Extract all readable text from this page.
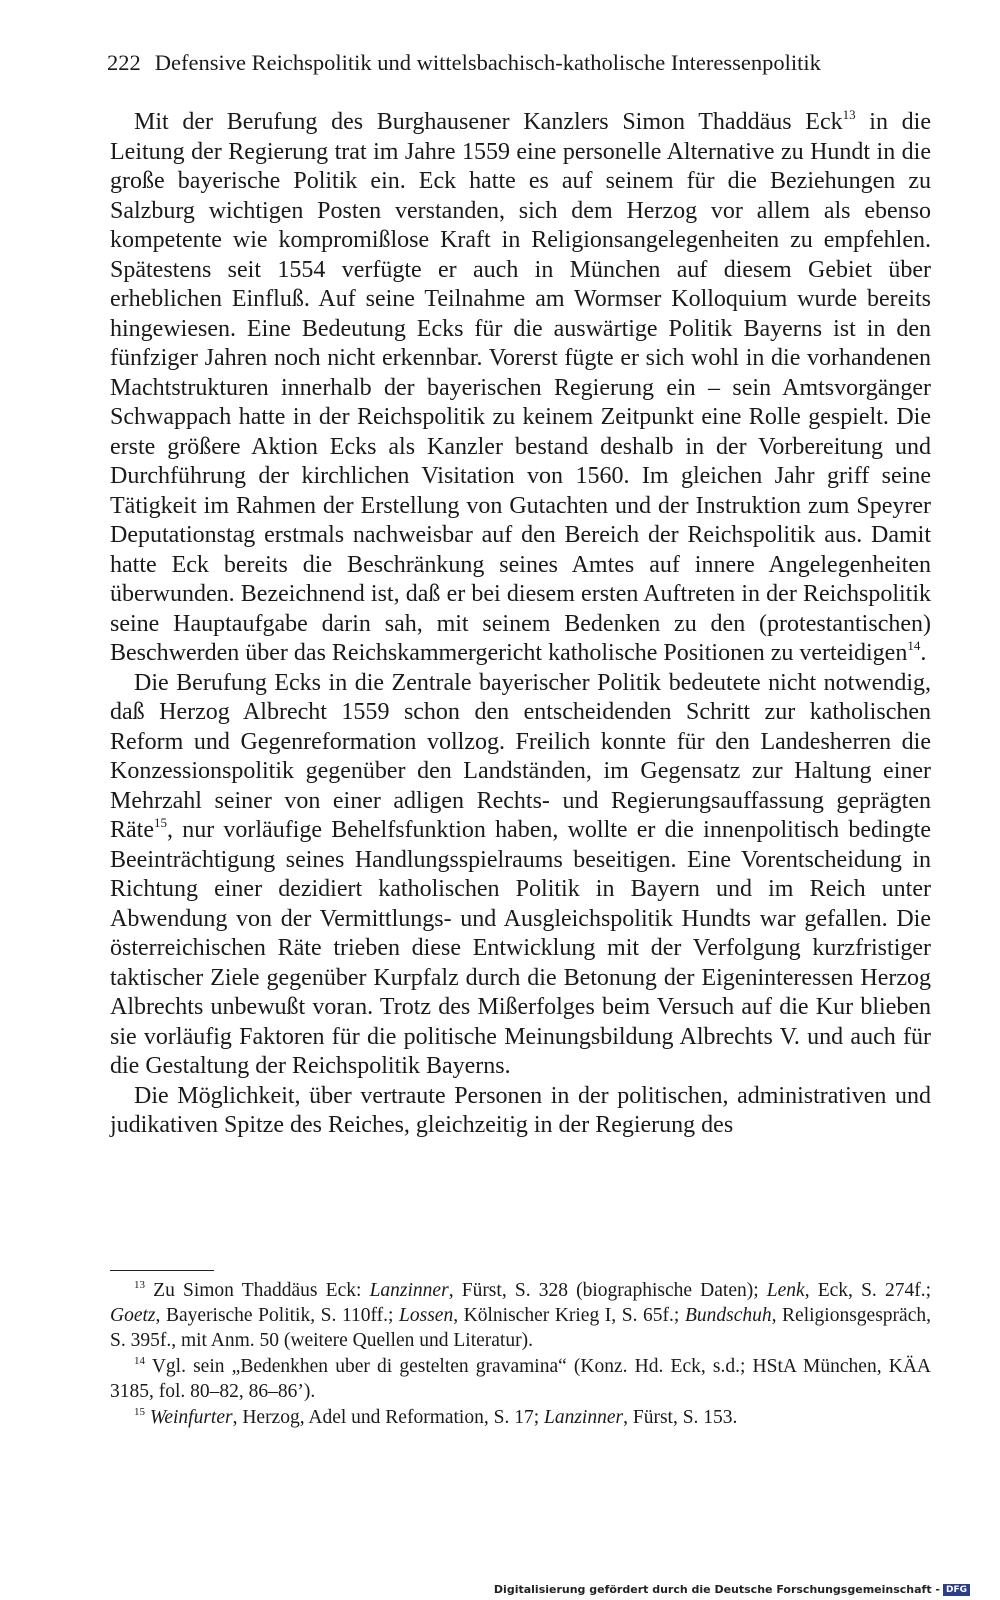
222 Defensive Reichspolitik und wittelsbachisch-katholische Interessenpolitik

Mit der Berufung des Burghausener Kanzlers Simon Thaddäus Eck$^{13}$ in die Leitung der Regierung trat im Jahre 1559 eine personelle Alternative zu Hundt in die große bayerische Politik ein. Eck hatte es auf seinem für die Beziehungen zu Salzburg wichtigen Posten verstanden, sich dem Herzog vor allem als ebenso kompetente wie kompromißlose Kraft in Religionsangelegenheiten zu empfehlen. Spätestens seit 1554 verfügte er auch in München auf diesem Gebiet über erheblichen Einfluß. Auf seine Teilnahme am Wormser Kolloquium wurde bereits hingewiesen. Eine Bedeutung Ecks für die auswärtige Politik Bayerns ist in den fünfziger Jahren noch nicht erkennbar. Vorerst fügte er sich wohl in die vorhandenen Machtstrukturen innerhalb der bayerischen Regierung ein – sein Amtsvorgänger Schwappach hatte in der Reichspolitik zu keinem Zeitpunkt eine Rolle gespielt. Die erste größere Aktion Ecks als Kanzler bestand deshalb in der Vorbereitung und Durchführung der kirchlichen Visitation von 1560. Im gleichen Jahr griff seine Tätigkeit im Rahmen der Erstellung von Gutachten und der Instruktion zum Speyrer Deputationstag erstmals nachweisbar auf den Bereich der Reichspolitik aus. Damit hatte Eck bereits die Beschränkung seines Amtes auf innere Angelegenheiten überwunden. Bezeichnend ist, daß er bei diesem ersten Auftreten in der Reichspolitik seine Hauptaufgabe darin sah, mit seinem Bedenken zu den (protestantischen) Beschwerden über das Reichskammergericht katholische Positionen zu verteidigen$^{14}$.

Die Berufung Ecks in die Zentrale bayerischer Politik bedeutete nicht notwendig, daß Herzog Albrecht 1559 schon den entscheidenden Schritt zur katholischen Reform und Gegenreformation vollzog. Freilich konnte für den Landesherren die Konzessionspolitik gegenüber den Landständen, im Gegensatz zur Haltung einer Mehrzahl seiner von einer adligen Rechts- und Regierungsauffassung geprägten Räte$^{15}$, nur vorläufige Behelfsfunktion haben, wollte er die innenpolitisch bedingte Beeinträchtigung seines Handlungsspielraums beseitigen. Eine Vorentscheidung in Richtung einer dezidiert katholischen Politik in Bayern und im Reich unter Abwendung von der Vermittlungs- und Ausgleichspolitik Hundts war gefallen. Die österreichischen Räte trieben diese Entwicklung mit der Verfolgung kurzfristiger taktischer Ziele gegenüber Kurpfalz durch die Betonung der Eigeninteressen Herzog Albrechts unbewußt voran. Trotz des Mißerfolges beim Versuch auf die Kur blieben sie vorläufig Faktoren für die politische Meinungsbildung Albrechts V. und auch für die Gestaltung der Reichspolitik Bayerns.

Die Möglichkeit, über vertraute Personen in der politischen, administrativen und judikativen Spitze des Reiches, gleichzeitig in der Regierung des

$^{13}$ Zu Simon Thaddäus Eck: Lanzinner, Fürst, S. 328 (biographische Daten); Lenk, Eck, S. 274f.; Goetz, Bayerische Politik, S. 110ff.; Lossen, Kölnischer Krieg I, S. 65f.; Bundschuh, Religionsgespräch, S. 395f., mit Anm. 50 (weitere Quellen und Literatur).

$^{14}$ Vgl. sein „Bedenkhen uber di gestelten gravamina“ (Konz. Hd. Eck, s.d.; HStA München, KÄA 3185, fol. 80–82, 86–86’).

$^{15}$ Weinfurter, Herzog, Adel und Reformation, S. 17; Lanzinner, Fürst, S. 153.

Digitalisierung gefördert durch die Deutsche Forschungsgemeinschaft - DFG
